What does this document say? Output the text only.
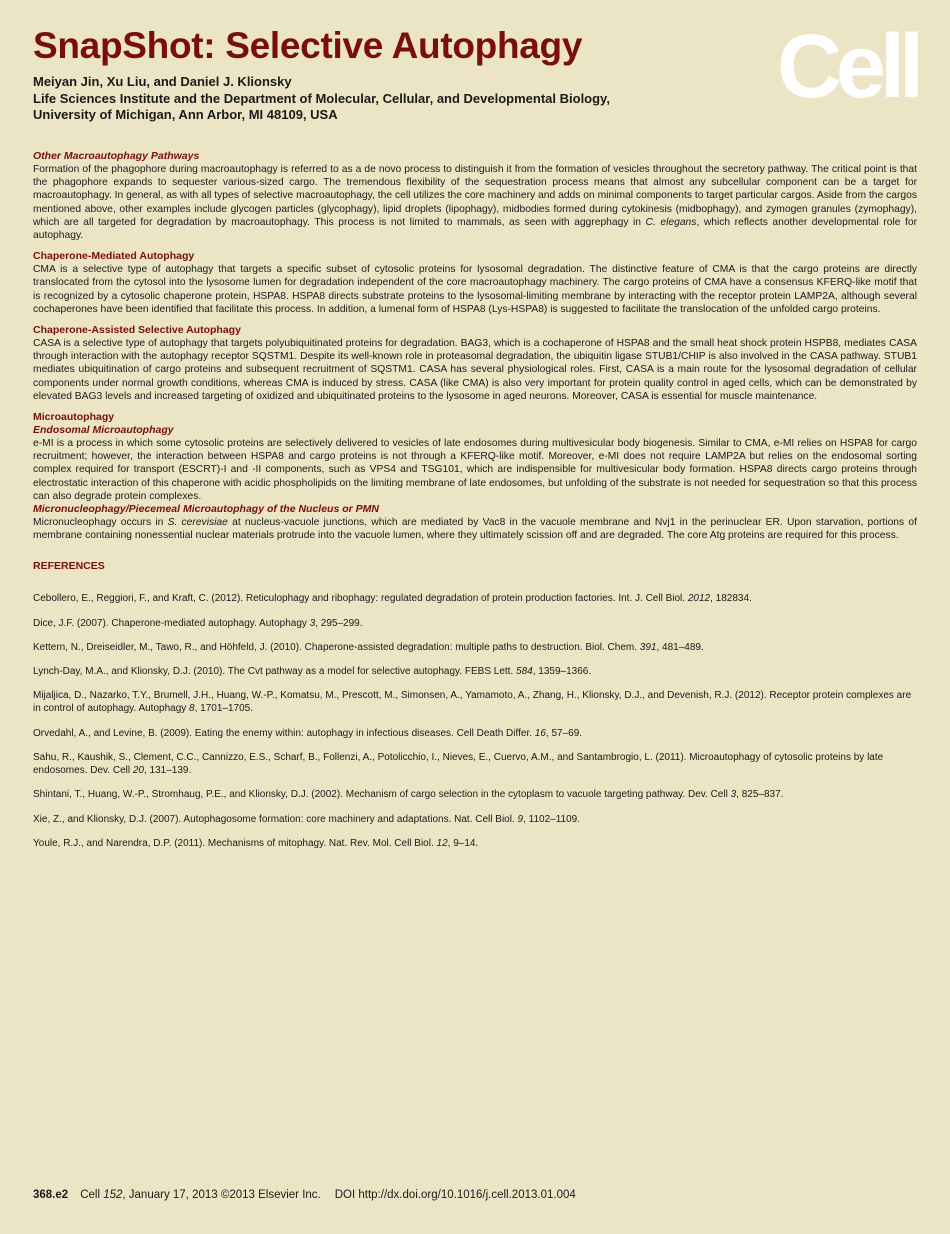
SnapShot: Selective Autophagy

Meiyan Jin, Xu Liu, and Daniel J. Klionsky

Life Sciences Institute and the Department of Molecular, Cellular, and Developmental Biology,

University of Michigan, Ann Arbor, MI 48109, USA	Cell

Other Macroautophagy Pathways

Formation of the phagophore during macroautophagy is referred to as a de novo process to distinguish it from the formation of vesicles throughout the secretory pathway. The critical point is that the phagophore expands to sequester various-sized cargo. The tremendous flexibility of the sequestration process means that almost any subcellular component can be a target for macroautophagy. In general, as with all types of selective macroautophagy, the cell utilizes the core machinery and adds on minimal components to target particular cargos. Aside from the cargos mentioned above, other examples include glycogen particles (glycophagy), lipid droplets (lipophagy), midbodies formed during cytokinesis (midbophagy), and zymogen granules (zymophagy), which are all targeted for degradation by macroautophagy. This process is not limited to mammals, as seen with aggrephagy in C. elegans, which reflects another developmental role for autophagy.

Chaperone-Mediated Autophagy

CMA is a selective type of autophagy that targets a specific subset of cytosolic proteins for lysosomal degradation. The distinctive feature of CMA is that the cargo proteins are directly translocated from the cytosol into the lysosome lumen for degradation independent of the core macroautophagy machinery. The cargo proteins of CMA have a consensus KFERQ-like motif that is recognized by a cytosolic chaperone protein, HSPA8. HSPA8 directs substrate proteins to the lysosomal-limiting membrane by interacting with the receptor protein LAMP2A, although several cochaperones have been identified that facilitate this process. In addition, a lumenal form of HSPA8 (Lys-HSPA8) is suggested to facilitate the translocation of the unfolded cargo proteins.

Chaperone-Assisted Selective Autophagy

CASA is a selective type of autophagy that targets polyubiquitinated proteins for degradation. BAG3, which is a cochaperone of HSPA8 and the small heat shock protein HSPB8, mediates CASA through interaction with the autophagy receptor SQSTM1. Despite its well-known role in proteasomal degradation, the ubiquitin ligase STUB1/CHIP is also involved in the CASA pathway. STUB1 mediates ubiquitination of cargo proteins and subsequent recruitment of SQSTM1. CASA has several physiological roles. First, CASA is a main route for the lysosomal degradation of cellular components under normal growth conditions, whereas CMA is induced by stress. CASA (like CMA) is also very important for protein quality control in aged cells, which can be demonstrated by elevated BAG3 levels and increased targeting of oxidized and ubiquitinated proteins to the lysosome in aged neurons. Moreover, CASA is essential for muscle maintenance.

Microautophagy

Endosomal Microautophagy

e-MI is a process in which some cytosolic proteins are selectively delivered to vesicles of late endosomes during multivesicular body biogenesis. Similar to CMA, e-MI relies on HSPA8 for cargo recruitment; however, the interaction between HSPA8 and cargo proteins is not through a KFERQ-like motif. Moreover, e-MI does not require LAMP2A but relies on the endosomal sorting complex required for transport (ESCRT)-I and -II components, such as VPS4 and TSG101, which are indispensible for multivesicular body formation. HSPA8 directs cargo proteins through electrostatic interaction of this chaperone with acidic phospholipids on the limiting membrane of late endosomes, but unfolding of the substrate is not needed for sequestration so that this process can also degrade protein complexes.

Micronucleophagy/Piecemeal Microautophagy of the Nucleus or PMN

Micronucleophagy occurs in S. cerevisiae at nucleus-vacuole junctions, which are mediated by Vac8 in the vacuole membrane and Nvj1 in the perinuclear ER. Upon starvation, portions of membrane containing nonessential nuclear materials protrude into the vacuole lumen, where they ultimately scission off and are degraded. The core Atg proteins are required for this process.

REFERENCES

Cebollero, E., Reggiori, F., and Kraft, C. (2012). Reticulophagy and ribophagy: regulated degradation of protein production factories. Int. J. Cell Biol. 2012, 182834.

Dice, J.F. (2007). Chaperone-mediated autophagy. Autophagy 3, 295–299.

Kettern, N., Dreiseidler, M., Tawo, R., and Höhfeld, J. (2010). Chaperone-assisted degradation: multiple paths to destruction. Biol. Chem. 391, 481–489.

Lynch-Day, M.A., and Klionsky, D.J. (2010). The Cvt pathway as a model for selective autophagy. FEBS Lett. 584, 1359–1366.

Mijaljica, D., Nazarko, T.Y., Brumell, J.H., Huang, W.-P., Komatsu, M., Prescott, M., Simonsen, A., Yamamoto, A., Zhang, H., Klionsky, D.J., and Devenish, R.J. (2012). Receptor protein complexes are in control of autophagy. Autophagy 8, 1701–1705.

Orvedahl, A., and Levine, B. (2009). Eating the enemy within: autophagy in infectious diseases. Cell Death Differ. 16, 57–69.

Sahu, R., Kaushik, S., Clement, C.C., Cannizzo, E.S., Scharf, B., Follenzi, A., Potolicchio, I., Nieves, E., Cuervo, A.M., and Santambrogio, L. (2011). Microautophagy of cytosolic proteins by late endosomes. Dev. Cell 20, 131–139.

Shintani, T., Huang, W.-P., Stromhaug, P.E., and Klionsky, D.J. (2002). Mechanism of cargo selection in the cytoplasm to vacuole targeting pathway. Dev. Cell 3, 825–837.

Xie, Z., and Klionsky, D.J. (2007). Autophagosome formation: core machinery and adaptations. Nat. Cell Biol. 9, 1102–1109.

Youle, R.J., and Narendra, D.P. (2011). Mechanisms of mitophagy. Nat. Rev. Mol. Cell Biol. 12, 9–14.

368.e2 Cell 152, January 17, 2013 ©2013 Elsevier Inc. DOI http://dx.doi.org/10.1016/j.cell.2013.01.004
